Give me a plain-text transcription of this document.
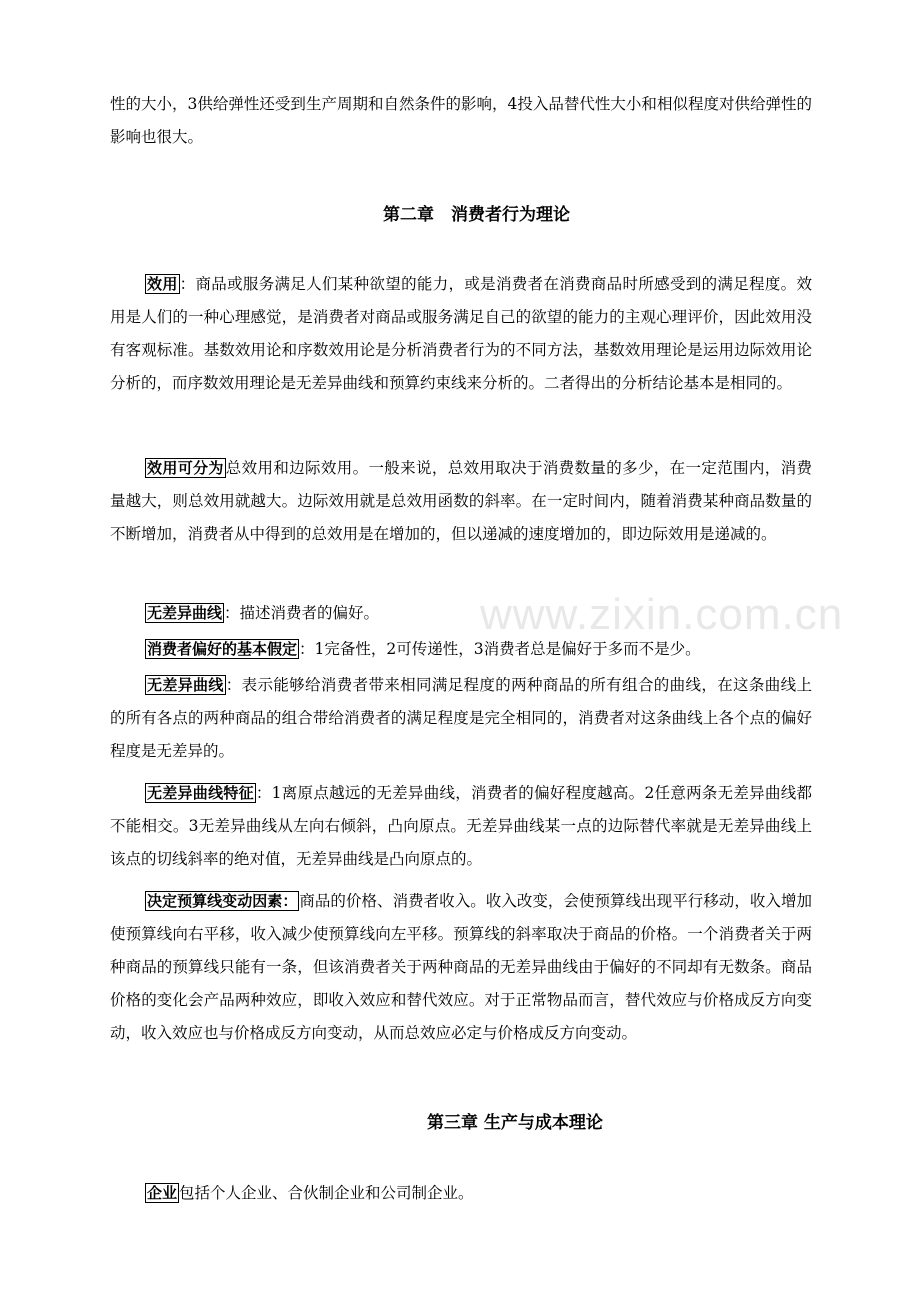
性的大小，3供给弹性还受到生产周期和自然条件的影响，4投入品替代性大小和相似程度对供给弹性的影响也很大。

第二章　消费者行为理论

效用 ：商品或服务满足人们某种欲望的能力，或是消费者在消费商品时所感受到的满足程度。效用是人们的一种心理感觉，是消费者对商品或服务满足自己的欲望的能力的主观心理评价，因此效用没有客观标准。基数效用论和序数效用论是分析消费者行为的不同方法，基数效用理论是运用边际效用论分析的，而序数效用理论是无差异曲线和预算约束线来分析的。二者得出的分析结论基本是相同的。

效用可分为 总效用和边际效用。一般来说，总效用取决于消费数量的多少，在一定范围内，消费量越大，则总效用就越大。边际效用就是总效用函数的斜率。在一定时间内，随着消费某种商品数量的不断增加，消费者从中得到的总效用是在增加的，但以递减的速度增加的，即边际效用是递减的。

无差异曲线 ：描述消费者的偏好。

消费者偏好的基本假定 ：1完备性，2可传递性，3消费者总是偏好于多而不是少。

无差异曲线 ：表示能够给消费者带来相同满足程度的两种商品的所有组合的曲线，在这条曲线上的所有各点的两种商品的组合带给消费者的满足程度是完全相同的，消费者对这条曲线上各个点的偏好程度是无差异的。

无差异曲线特征 ：1离原点越远的无差异曲线，消费者的偏好程度越高。2任意两条无差异曲线都不能相交。3无差异曲线从左向右倾斜，凸向原点。无差异曲线某一点的边际替代率就是无差异曲线上该点的切线斜率的绝对值，无差异曲线是凸向原点的。

决定预算线变动因素： 商品的价格、消费者收入。收入改变，会使预算线出现平行移动，收入增加使预算线向右平移，收入减少使预算线向左平移。预算线的斜率取决于商品的价格。一个消费者关于两种商品的预算线只能有一条，但该消费者关于两种商品的无差异曲线由于偏好的不同却有无数条。商品价格的变化会产品两种效应，即收入效应和替代效应。对于正常物品而言，替代效应与价格成反方向变动，收入效应也与价格成反方向变动，从而总效应必定与价格成反方向变动。

第三章 生产与成本理论

企业 包括个人企业、合伙制企业和公司制企业。

www.zixin.com.cn
